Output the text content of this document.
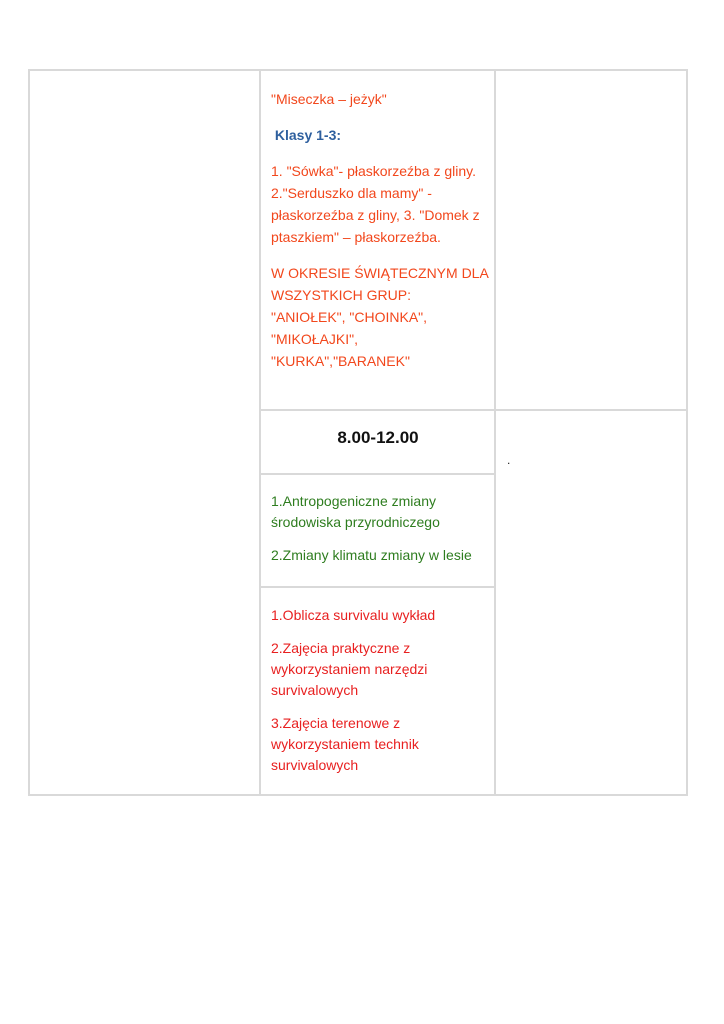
"Miseczka – jeżyk"

Klasy 1-3:

1. "Sówka"- płaskorzeźba z gliny. 2."Serduszko dla mamy" - płaskorzeźba z gliny, 3. "Domek z ptaszkiem" – płaskorzeźba.

W OKRESIE ŚWIĄTECZNYM DLA WSZYSTKICH GRUP:
"ANIOŁEK", "CHOINKA",
"MIKOŁAJKI",
"KURKA","BARANEK"

8.00-12.00
.

1.Antropogeniczne zmiany środowiska przyrodniczego

2.Zmiany klimatu zmiany w lesie

1.Oblicza survivalu wykład

2.Zajęcia praktyczne z wykorzystaniem narzędzi survivalowych

3.Zajęcia terenowe z wykorzystaniem technik survivalowych
